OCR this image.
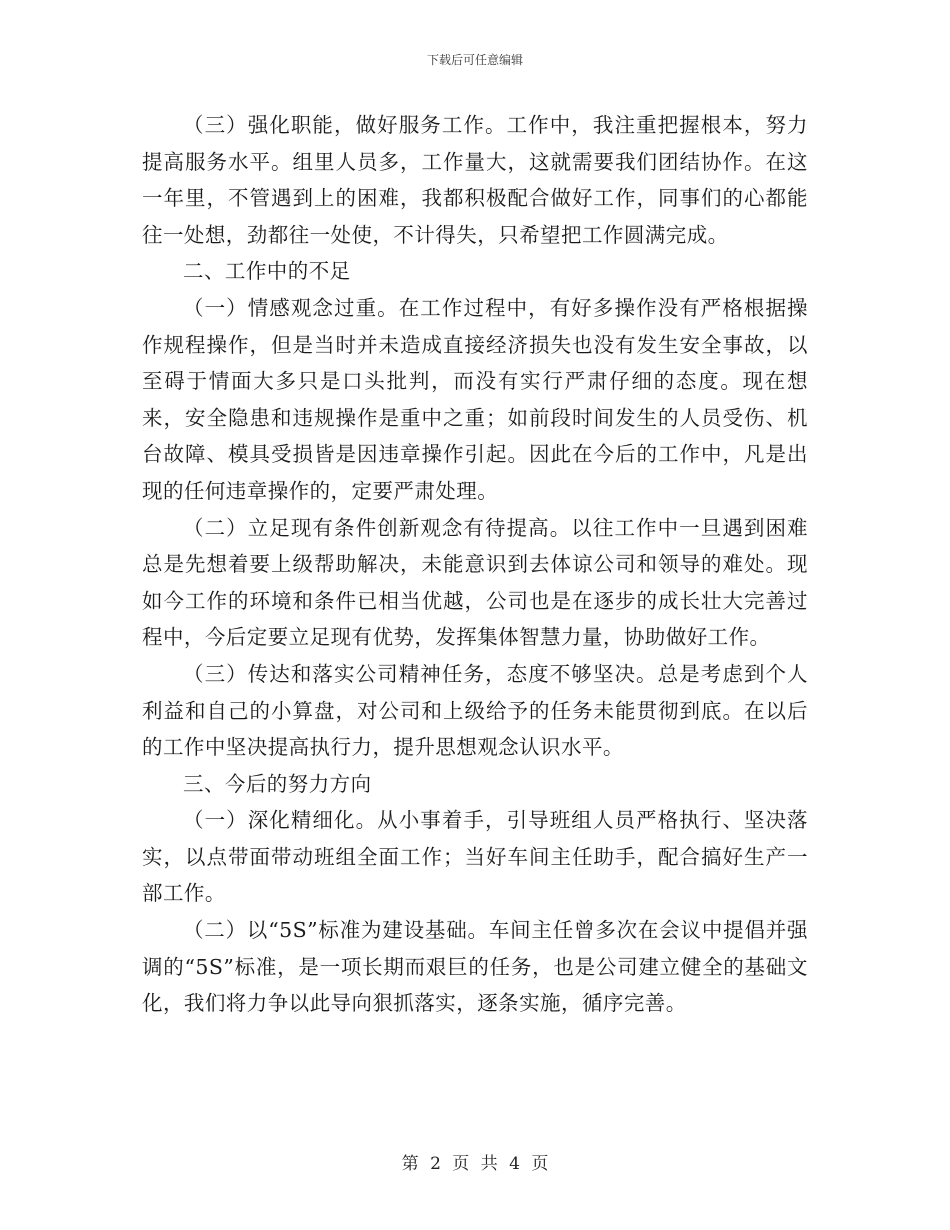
下载后可任意编辑

（三）强化职能，做好服务工作。工作中，我注重把握根本，努力提高服务水平。组里人员多，工作量大，这就需要我们团结协作。在这一年里，不管遇到上的困难，我都积极配合做好工作，同事们的心都能往一处想，劲都往一处使，不计得失，只希望把工作圆满完成。

二、工作中的不足

（一）情感观念过重。在工作过程中，有好多操作没有严格根据操作规程操作，但是当时并未造成直接经济损失也没有发生安全事故，以至碍于情面大多只是口头批判，而没有实行严肃仔细的态度。现在想来，安全隐患和违规操作是重中之重；如前段时间发生的人员受伤、机台故障、模具受损皆是因违章操作引起。因此在今后的工作中，凡是出现的任何违章操作的，定要严肃处理。

（二）立足现有条件创新观念有待提高。以往工作中一旦遇到困难总是先想着要上级帮助解决，未能意识到去体谅公司和领导的难处。现如今工作的环境和条件已相当优越，公司也是在逐步的成长壮大完善过程中，今后定要立足现有优势，发挥集体智慧力量，协助做好工作。

（三）传达和落实公司精神任务，态度不够坚决。总是考虑到个人利益和自己的小算盘，对公司和上级给予的任务未能贯彻到底。在以后的工作中坚决提高执行力，提升思想观念认识水平。

三、今后的努力方向

（一）深化精细化。从小事着手，引导班组人员严格执行、坚决落实，以点带面带动班组全面工作；当好车间主任助手，配合搞好生产一部工作。

（二）以“5S”标准为建设基础。车间主任曾多次在会议中提倡并强调的“5S”标准，是一项长期而艰巨的任务，也是公司建立健全的基础文化，我们将力争以此导向狠抓落实，逐条实施，循序完善。

第 2 页 共 4 页
